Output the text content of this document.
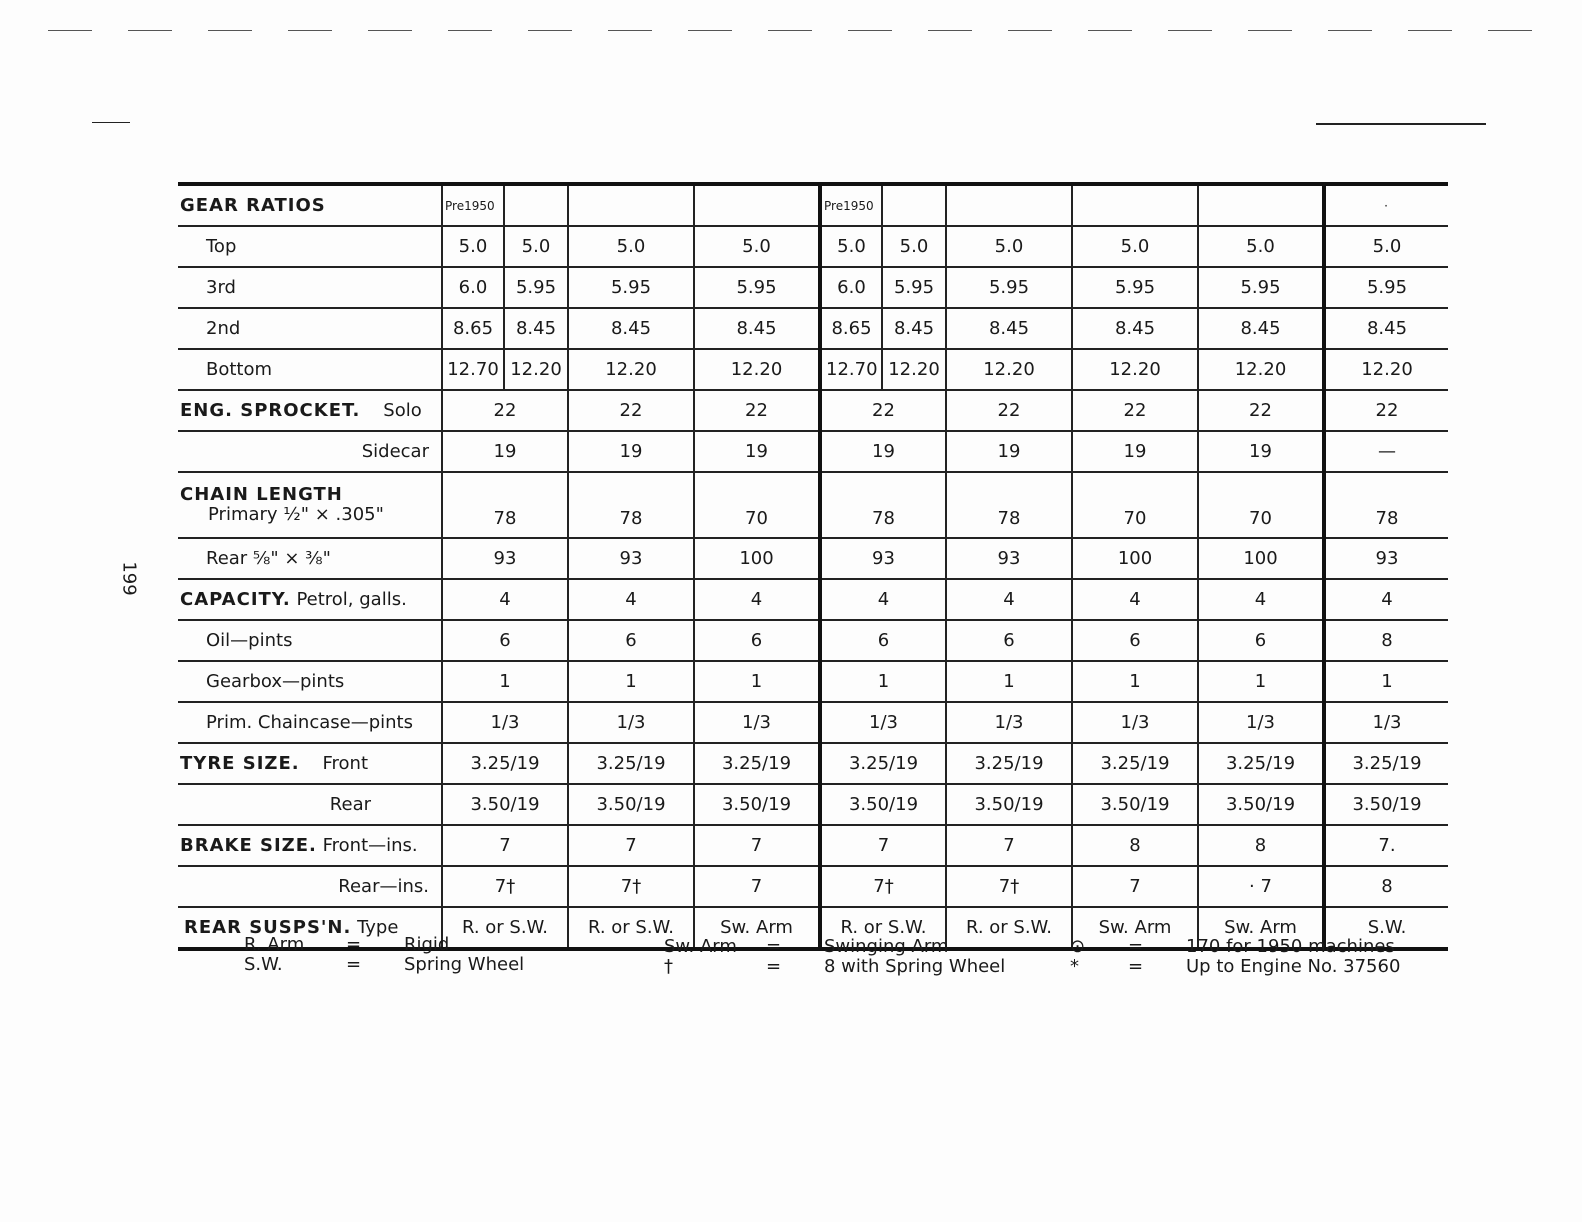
199
GEAR RATIOS	Pre1950				Pre1950					·
Top	5.0	5.0	5.0	5.0	5.0	5.0	5.0	5.0	5.0	5.0
3rd	6.0	5.95	5.95	5.95	6.0	5.95	5.95	5.95	5.95	5.95
2nd	8.65	8.45	8.45	8.45	8.65	8.45	8.45	8.45	8.45	8.45
Bottom	12.70	12.20	12.20	12.20	12.70	12.20	12.20	12.20	12.20	12.20
ENG. SPROCKET. Solo	22		22	22	22		22	22	22	22
Sidecar	19		19	19	19		19	19	19	—

CHAIN LENGTH
Primary ½" × .305"	78		78	70	78		78	70	70	78
Rear ⅝" × ⅜"	93		93	100	93		93	100	100	93
CAPACITY. Petrol, galls.	4		4	4	4		4	4	4	4
Oil—pints	6		6	6	6		6	6	6	8
Gearbox—pints	1		1	1	1		1	1	1	1
Prim. Chaincase—pints	1/3		1/3	1/3	1/3		1/3	1/3	1/3	1/3
TYRE SIZE. Front	3.25/19		3.25/19	3.25/19	3.25/19		3.25/19	3.25/19	3.25/19	3.25/19
Rear	3.50/19		3.50/19	3.50/19	3.50/19		3.50/19	3.50/19	3.50/19	3.50/19
BRAKE SIZE. Front—ins.	7		7	7	7		7	8	8	7.
Rear—ins.	7†		7†	7	7†		7†	7	· 7	8
REAR SUSPS'N. Type	R. or S.W.		R. or S.W.	Sw. Arm	R. or S.W.		R. or S.W.	Sw. Arm	Sw. Arm	S.W.
R. Arm = Rigid
S.W.	= Spring Wheel
Sw. Arm = Swinging Arm
†	= 8 with Spring Wheel
⊙ = 170 for 1950 machines
*	= Up to Engine No. 37560
